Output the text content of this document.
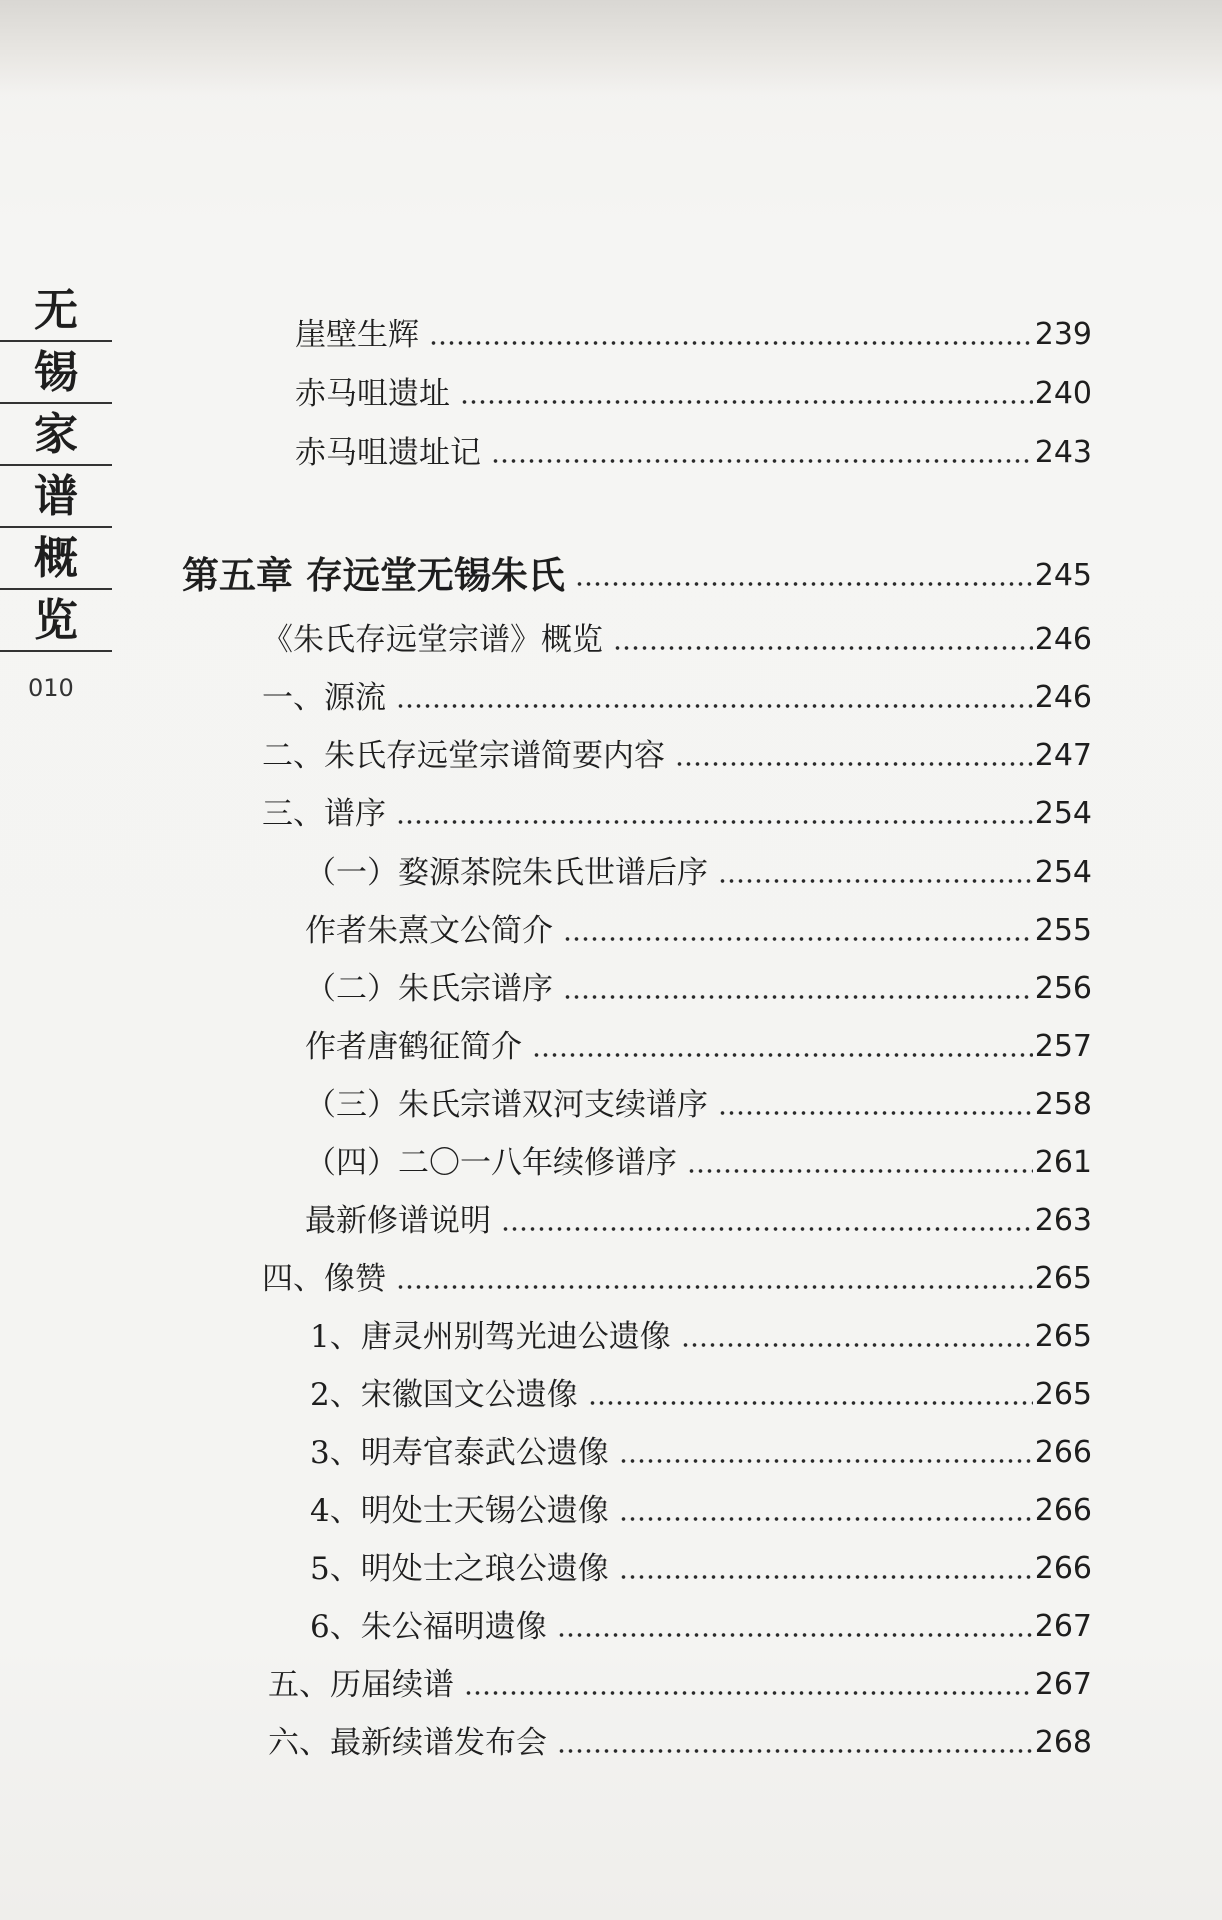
无
锡
家
谱
概
览
010
崖壁生辉	239
赤马咀遗址	240
赤马咀遗址记	243
第五章 存远堂无锡朱氏	245
《朱氏存远堂宗谱》概览	246
一、源流	246
二、朱氏存远堂宗谱简要内容	247
三、谱序	254
（一）婺源茶院朱氏世谱后序	254
作者朱熹文公简介	255
（二）朱氏宗谱序	256
作者唐鹤征简介	257
（三）朱氏宗谱双河支续谱序	258
（四）二〇一八年续修谱序	261
最新修谱说明	263
四、像赞	265
1、唐灵州别驾光迪公遗像	265
2、宋徽国文公遗像	265
3、明寿官泰武公遗像	266
4、明处士天锡公遗像	266
5、明处士之琅公遗像	266
6、朱公福明遗像	267
五、历届续谱	267
六、最新续谱发布会	268
